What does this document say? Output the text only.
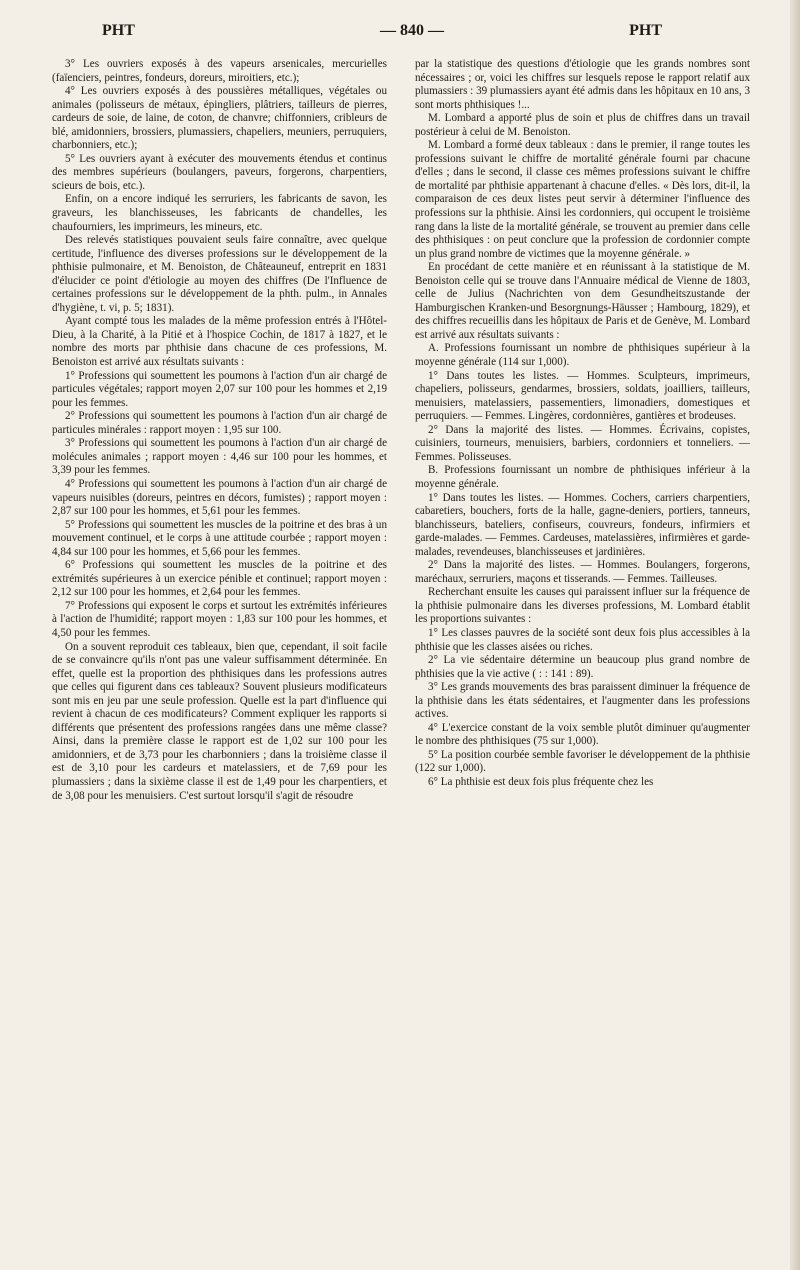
PHT	— 840 —	PHT

3° Les ouvriers exposés à des vapeurs arsenicales, mercurielles (faïenciers, peintres, fondeurs, doreurs, miroitiers, etc.);

4° Les ouvriers exposés à des poussières métalliques, végétales ou animales (polisseurs de métaux, épingliers, plâtriers, tailleurs de pierres, cardeurs de soie, de laine, de coton, de chanvre; chiffonniers, cribleurs de blé, amidonniers, brossiers, plumassiers, chapeliers, meuniers, perruquiers, charbonniers, etc.);

5° Les ouvriers ayant à exécuter des mouvements étendus et continus des membres supérieurs (boulangers, paveurs, forgerons, charpentiers, scieurs de bois, etc.).

Enfin, on a encore indiqué les serruriers, les fabricants de savon, les graveurs, les blanchisseuses, les fabricants de chandelles, les chaufourniers, les imprimeurs, les mineurs, etc.

Des relevés statistiques pouvaient seuls faire connaître, avec quelque certitude, l'influence des diverses professions sur le développement de la phthisie pulmonaire, et M. Benoiston, de Châteauneuf, entreprit en 1831 d'élucider ce point d'étiologie au moyen des chiffres (De l'Influence de certaines professions sur le développement de la phth. pulm., in Annales d'hygiène, t. vi, p. 5; 1831).

Ayant compté tous les malades de la même profession entrés à l'Hôtel-Dieu, à la Charité, à la Pitié et à l'hospice Cochin, de 1817 à 1827, et le nombre des morts par phthisie dans chacune de ces professions, M. Benoiston est arrivé aux résultats suivants :

1° Professions qui soumettent les poumons à l'action d'un air chargé de particules végétales; rapport moyen 2,07 sur 100 pour les hommes et 2,19 pour les femmes.

2° Professions qui soumettent les poumons à l'action d'un air chargé de particules minérales : rapport moyen : 1,95 sur 100.

3° Professions qui soumettent les poumons à l'action d'un air chargé de molécules animales ; rapport moyen : 4,46 sur 100 pour les hommes, et 3,39 pour les femmes.

4° Professions qui soumettent les poumons à l'action d'un air chargé de vapeurs nuisibles (doreurs, peintres en décors, fumistes) ; rapport moyen : 2,87 sur 100 pour les hommes, et 5,61 pour les femmes.

5° Professions qui soumettent les muscles de la poitrine et des bras à un mouvement continuel, et le corps à une attitude courbée ; rapport moyen : 4,84 sur 100 pour les hommes, et 5,66 pour les femmes.

6° Professions qui soumettent les muscles de la poitrine et des extrémités supérieures à un exercice pénible et continuel; rapport moyen : 2,12 sur 100 pour les hommes, et 2,64 pour les femmes.

7° Professions qui exposent le corps et surtout les extrémités inférieures à l'action de l'humidité; rapport moyen : 1,83 sur 100 pour les hommes, et 4,50 pour les femmes.

On a souvent reproduit ces tableaux, bien que, cependant, il soit facile de se convaincre qu'ils n'ont pas une valeur suffisamment déterminée. En effet, quelle est la proportion des phthisiques dans les professions autres que celles qui figurent dans ces tableaux? Souvent plusieurs modificateurs sont mis en jeu par une seule profession. Quelle est la part d'influence qui revient à chacun de ces modificateurs? Comment expliquer les rapports si différents que présentent des professions rangées dans une même classe? Ainsi, dans la première classe le rapport est de 1,02 sur 100 pour les amidonniers, et de 3,73 pour les charbonniers ; dans la troisième classe il est de 3,10 pour les cardeurs et matelassiers, et de 7,69 pour les plumassiers ; dans la sixième classe il est de 1,49 pour les charpentiers, et de 3,08 pour les menuisiers. C'est surtout lorsqu'il s'agit de résoudre

par la statistique des questions d'étiologie que les grands nombres sont nécessaires ; or, voici les chiffres sur lesquels repose le rapport relatif aux plumassiers : 39 plumassiers ayant été admis dans les hôpitaux en 10 ans, 3 sont morts phthisiques !...

M. Lombard a apporté plus de soin et plus de chiffres dans un travail postérieur à celui de M. Benoiston.

M. Lombard a formé deux tableaux : dans le premier, il range toutes les professions suivant le chiffre de mortalité générale fourni par chacune d'elles ; dans le second, il classe ces mêmes professions suivant le chiffre de mortalité par phthisie appartenant à chacune d'elles. « Dès lors, dit-il, la comparaison de ces deux listes peut servir à déterminer l'influence des professions sur la phthisie. Ainsi les cordonniers, qui occupent le troisième rang dans la liste de la mortalité générale, se trouvent au premier dans celle des phthisiques : on peut conclure que la profession de cordonnier compte un plus grand nombre de victimes que la moyenne générale. »

En procédant de cette manière et en réunissant à la statistique de M. Benoiston celle qui se trouve dans l'Annuaire médical de Vienne de 1803, celle de Julius (Nachrichten von dem Gesundheitszustande der Hamburgischen Kranken-und Besorgnungs-Häusser ; Hambourg, 1829), et des chiffres recueillis dans les hôpitaux de Paris et de Genève, M. Lombard est arrivé aux résultats suivants :

A. Professions fournissant un nombre de phthisiques supérieur à la moyenne générale (114 sur 1,000).

1° Dans toutes les listes. — Hommes. Sculpteurs, imprimeurs, chapeliers, polisseurs, gendarmes, brossiers, soldats, joailliers, tailleurs, menuisiers, matelassiers, passementiers, limonadiers, domestiques et perruquiers. — Femmes. Lingères, cordonnières, gantières et brodeuses.

2° Dans la majorité des listes. — Hommes. Écrivains, copistes, cuisiniers, tourneurs, menuisiers, barbiers, cordonniers et tonneliers. — Femmes. Polisseuses.

B. Professions fournissant un nombre de phthisiques inférieur à la moyenne générale.

1° Dans toutes les listes. — Hommes. Cochers, carriers charpentiers, cabaretiers, bouchers, forts de la halle, gagne-deniers, portiers, tanneurs, blanchisseurs, bateliers, confiseurs, couvreurs, fondeurs, infirmiers et garde-malades. — Femmes. Cardeuses, matelassières, infirmières et garde-malades, revendeuses, blanchisseuses et jardinières.

2° Dans la majorité des listes. — Hommes. Boulangers, forgerons, maréchaux, serruriers, maçons et tisserands. — Femmes. Tailleuses.

Recherchant ensuite les causes qui paraissent influer sur la fréquence de la phthisie pulmonaire dans les diverses professions, M. Lombard établit les proportions suivantes :

1° Les classes pauvres de la société sont deux fois plus accessibles à la phthisie que les classes aisées ou riches.

2° La vie sédentaire détermine un beaucoup plus grand nombre de phthisies que la vie active ( : : 141 : 89).

3° Les grands mouvements des bras paraissent diminuer la fréquence de la phthisie dans les états sédentaires, et l'augmenter dans les professions actives.

4° L'exercice constant de la voix semble plutôt diminuer qu'augmenter le nombre des phthisiques (75 sur 1,000).

5° La position courbée semble favoriser le développement de la phthisie (122 sur 1,000).

6° La phthisie est deux fois plus fréquente chez les
